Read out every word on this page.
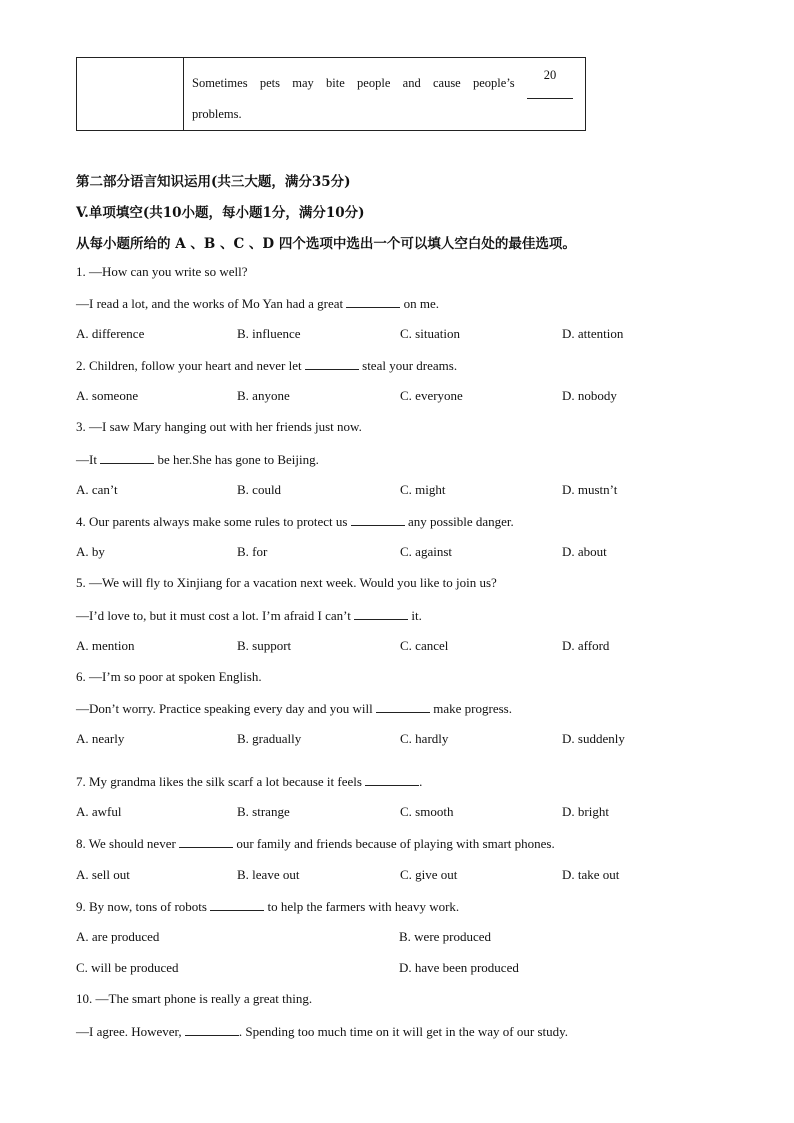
Sometimes pets may bite people and cause people’s
20
problems.
第二部分语言知识运用(共三大题，满分35分)
V.单项填空(共10小题，每小题1分，满分10分)
从每小题所给的 A 、B 、C 、D 四个选项中选出一个可以填人空白处的最佳选项。
1. —How can you write so well?
—I read a lot, and the works of Mo Yan had a great	on me.
A. difference	B. influence	C. situation	D. attention
2. Children, follow your heart and never let	steal your dreams.
A. someone	B. anyone	C. everyone	D. nobody
3. —I saw Mary hanging out with her friends just now.
—It	be her.She has gone to Beijing.
A. can’t	B. could	C. might	D. mustn’t
4. Our parents always make some rules to protect us	any possible danger.
A. by	B. for	C. against	D. about
5. —We will fly to Xinjiang for a vacation next week. Would you like to join us?
—I’d love to, but it must cost a lot. I’m afraid I can’t	it.
A. mention	B. support	C. cancel	D. afford
6. —I’m so poor at spoken English.
—Don’t worry. Practice speaking every day and you will	make progress.
A. nearly	B. gradually	C. hardly	D. suddenly
7. My grandma likes the silk scarf a lot because it feels	.
A. awful	B. strange	C. smooth	D. bright
8. We should never	our family and friends because of playing with smart phones.
A. sell out	B. leave out	C. give out	D. take out
9. By now, tons of robots	to help the farmers with heavy work.
A. are produced	B. were produced
C. will be produced	D. have been produced
10. —The smart phone is really a great thing.
—I agree. However,	. Spending too much time on it will get in the way of our study.
